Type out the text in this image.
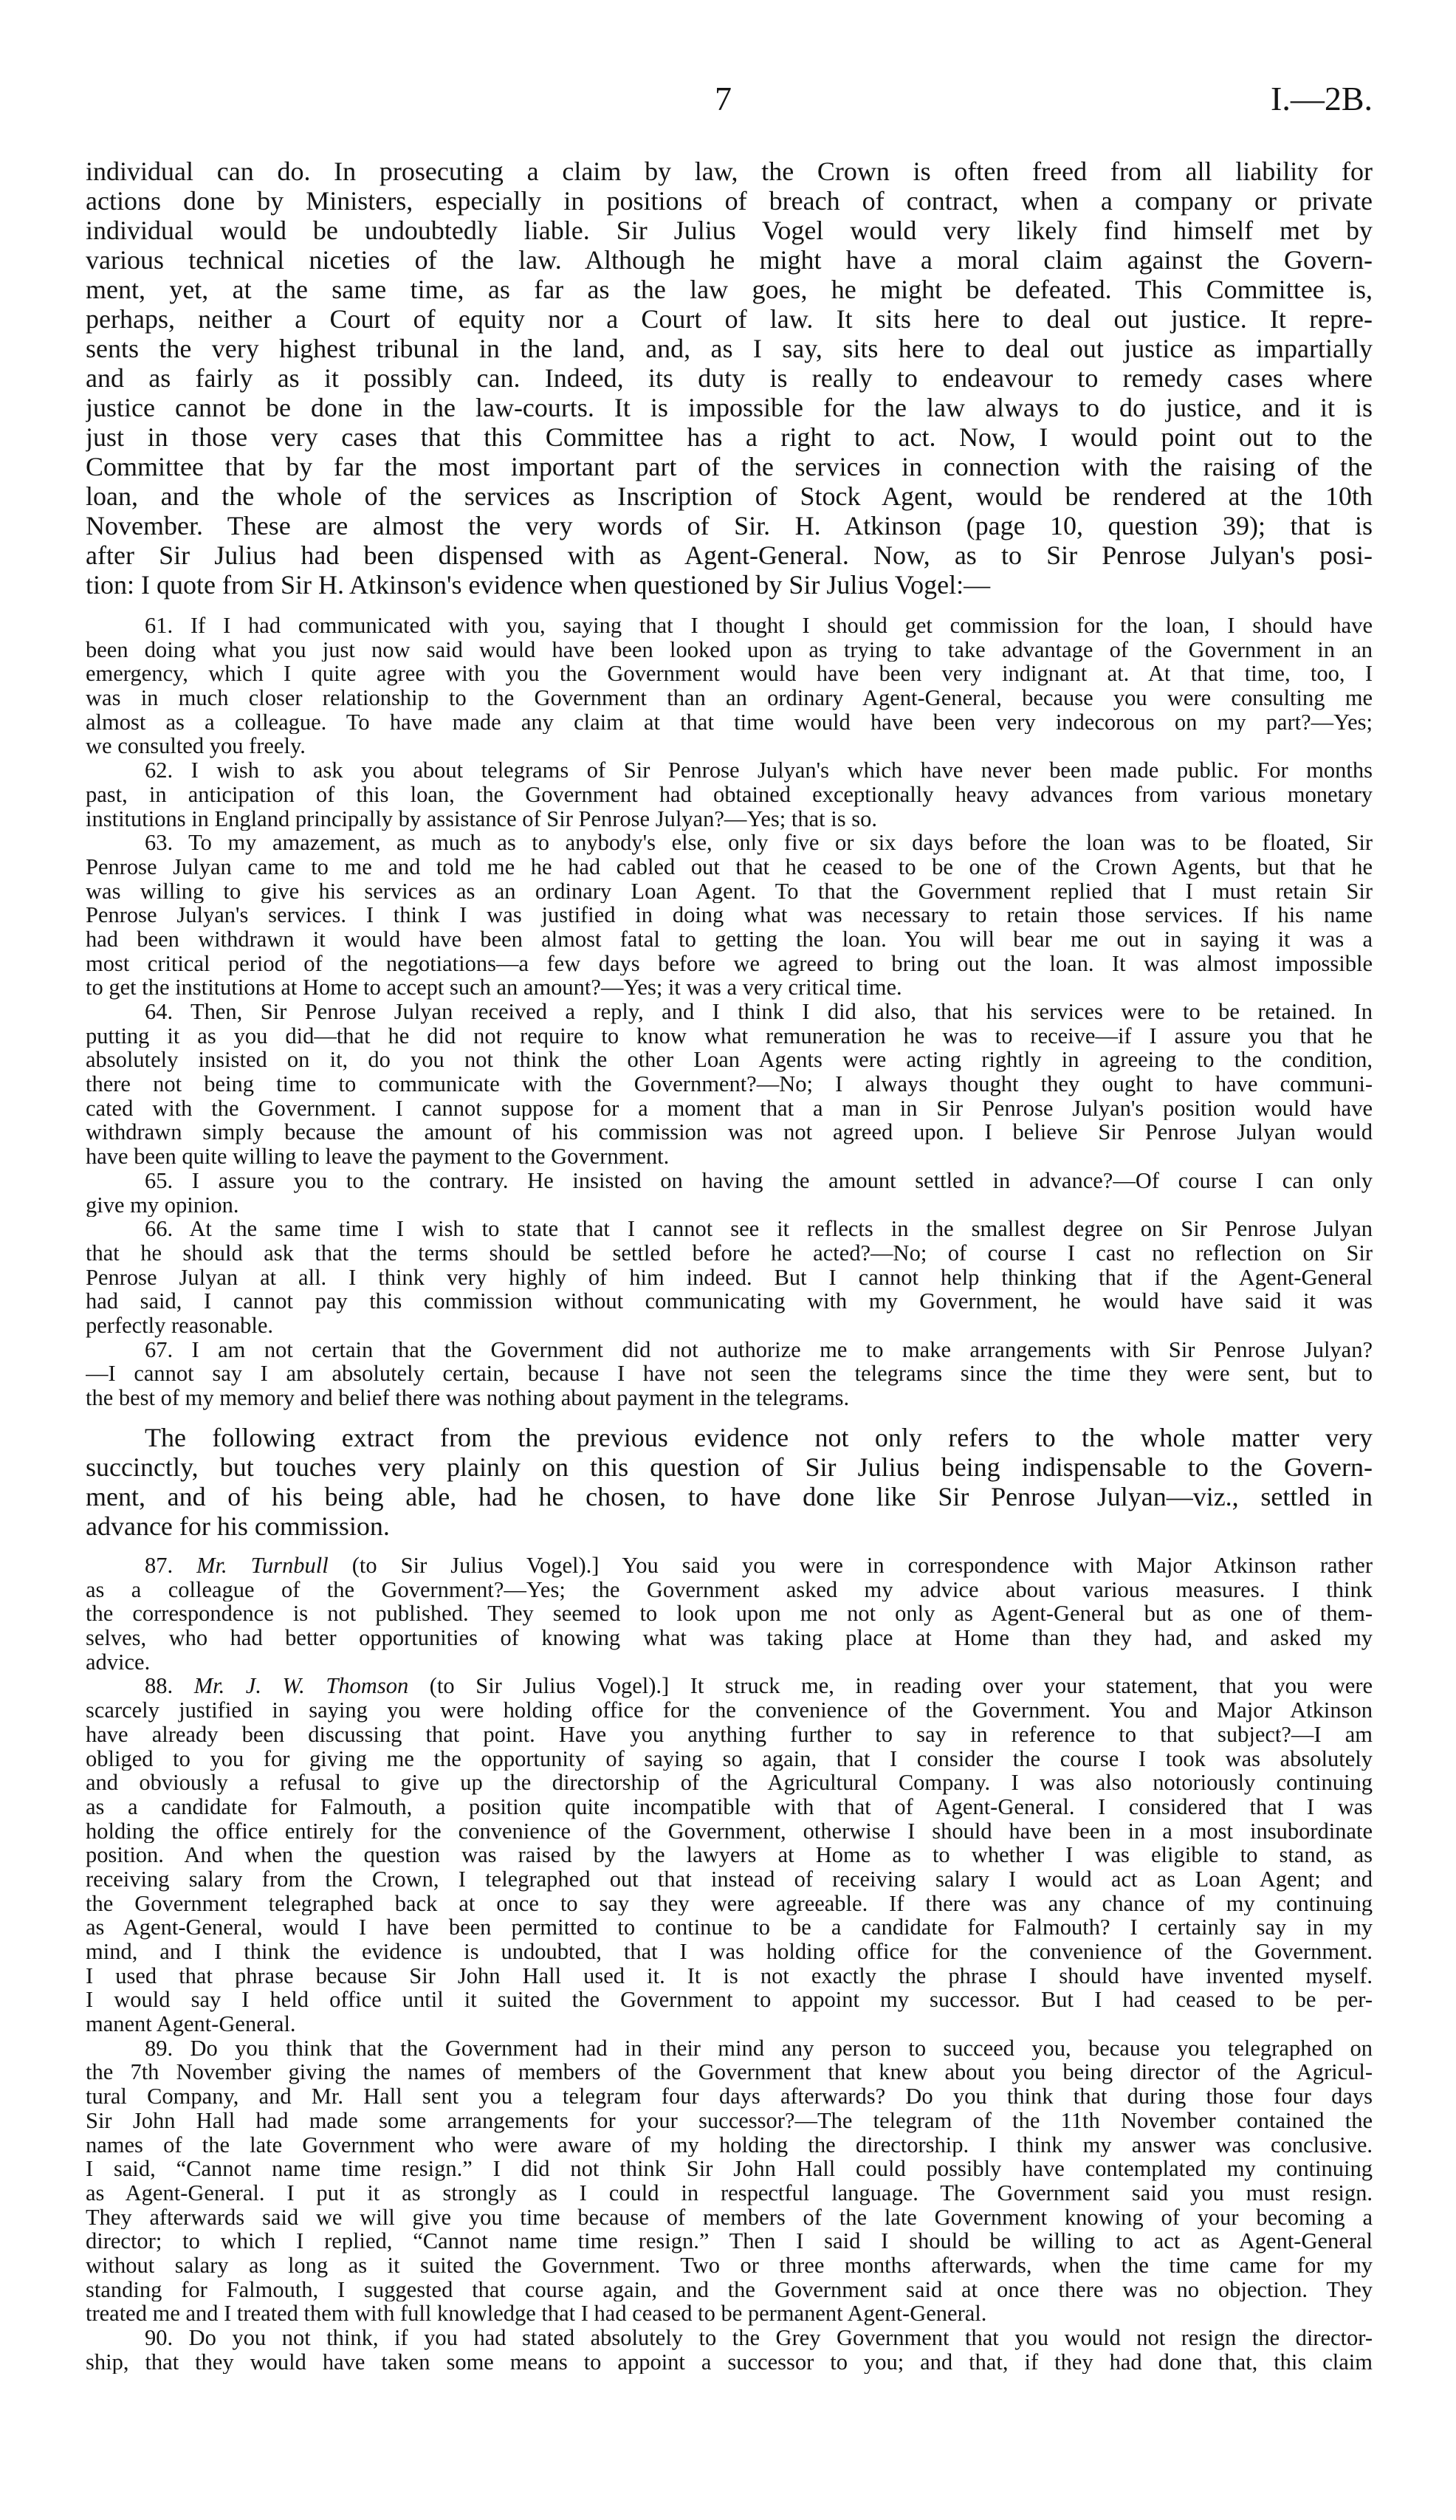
7	I.—2B.
individual can do. In prosecuting a claim by law, the Crown is often freed from all liability for
actions done by Ministers, especially in positions of breach of contract, when a company or private
individual would be undoubtedly liable. Sir Julius Vogel would very likely find himself met by
various technical niceties of the law. Although he might have a moral claim against the Govern-
ment, yet, at the same time, as far as the law goes, he might be defeated. This Committee is,
perhaps, neither a Court of equity nor a Court of law. It sits here to deal out justice. It repre-
sents the very highest tribunal in the land, and, as I say, sits here to deal out justice as impartially
and as fairly as it possibly can. Indeed, its duty is really to endeavour to remedy cases where
justice cannot be done in the law-courts. It is impossible for the law always to do justice, and it is
just in those very cases that this Committee has a right to act. Now, I would point out to the
Committee that by far the most important part of the services in connection with the raising of the
loan, and the whole of the services as Inscription of Stock Agent, would be rendered at the 10th
November. These are almost the very words of Sir. H. Atkinson (page 10, question 39); that is
after Sir Julius had been dispensed with as Agent-General. Now, as to Sir Penrose Julyan's posi-
tion: I quote from Sir H. Atkinson's evidence when questioned by Sir Julius Vogel:—
61. If I had communicated with you, saying that I thought I should get commission for the loan, I should have
been doing what you just now said would have been looked upon as trying to take advantage of the Government in an
emergency, which I quite agree with you the Government would have been very indignant at. At that time, too, I
was in much closer relationship to the Government than an ordinary Agent-General, because you were consulting me
almost as a colleague. To have made any claim at that time would have been very indecorous on my part?—Yes;
we consulted you freely.
62. I wish to ask you about telegrams of Sir Penrose Julyan's which have never been made public. For months
past, in anticipation of this loan, the Government had obtained exceptionally heavy advances from various monetary
institutions in England principally by assistance of Sir Penrose Julyan?—Yes; that is so.
63. To my amazement, as much as to anybody's else, only five or six days before the loan was to be floated, Sir
Penrose Julyan came to me and told me he had cabled out that he ceased to be one of the Crown Agents, but that he
was willing to give his services as an ordinary Loan Agent. To that the Government replied that I must retain Sir
Penrose Julyan's services. I think I was justified in doing what was necessary to retain those services. If his name
had been withdrawn it would have been almost fatal to getting the loan. You will bear me out in saying it was a
most critical period of the negotiations—a few days before we agreed to bring out the loan. It was almost impossible
to get the institutions at Home to accept such an amount?—Yes; it was a very critical time.
64. Then, Sir Penrose Julyan received a reply, and I think I did also, that his services were to be retained. In
putting it as you did—that he did not require to know what remuneration he was to receive—if I assure you that he
absolutely insisted on it, do you not think the other Loan Agents were acting rightly in agreeing to the condition,
there not being time to communicate with the Government?—No; I always thought they ought to have communi-
cated with the Government. I cannot suppose for a moment that a man in Sir Penrose Julyan's position would have
withdrawn simply because the amount of his commission was not agreed upon. I believe Sir Penrose Julyan would
have been quite willing to leave the payment to the Government.
65. I assure you to the contrary. He insisted on having the amount settled in advance?—Of course I can only
give my opinion.
66. At the same time I wish to state that I cannot see it reflects in the smallest degree on Sir Penrose Julyan
that he should ask that the terms should be settled before he acted?—No; of course I cast no reflection on Sir
Penrose Julyan at all. I think very highly of him indeed. But I cannot help thinking that if the Agent-General
had said, I cannot pay this commission without communicating with my Government, he would have said it was
perfectly reasonable.
67. I am not certain that the Government did not authorize me to make arrangements with Sir Penrose Julyan?
—I cannot say I am absolutely certain, because I have not seen the telegrams since the time they were sent, but to
the best of my memory and belief there was nothing about payment in the telegrams.
The following extract from the previous evidence not only refers to the whole matter very
succinctly, but touches very plainly on this question of Sir Julius being indispensable to the Govern-
ment, and of his being able, had he chosen, to have done like Sir Penrose Julyan—viz., settled in
advance for his commission.
87. Mr. Turnbull (to Sir Julius Vogel).] You said you were in correspondence with Major Atkinson rather
as a colleague of the Government?—Yes; the Government asked my advice about various measures. I think
the correspondence is not published. They seemed to look upon me not only as Agent-General but as one of them-
selves, who had better opportunities of knowing what was taking place at Home than they had, and asked my
advice.
88. Mr. J. W. Thomson (to Sir Julius Vogel).] It struck me, in reading over your statement, that you were
scarcely justified in saying you were holding office for the convenience of the Government. You and Major Atkinson
have already been discussing that point. Have you anything further to say in reference to that subject?—I am
obliged to you for giving me the opportunity of saying so again, that I consider the course I took was absolutely
and obviously a refusal to give up the directorship of the Agricultural Company. I was also notoriously continuing
as a candidate for Falmouth, a position quite incompatible with that of Agent-General. I considered that I was
holding the office entirely for the convenience of the Government, otherwise I should have been in a most insubordinate
position. And when the question was raised by the lawyers at Home as to whether I was eligible to stand, as
receiving salary from the Crown, I telegraphed out that instead of receiving salary I would act as Loan Agent; and
the Government telegraphed back at once to say they were agreeable. If there was any chance of my continuing
as Agent-General, would I have been permitted to continue to be a candidate for Falmouth? I certainly say in my
mind, and I think the evidence is undoubted, that I was holding office for the convenience of the Government.
I used that phrase because Sir John Hall used it. It is not exactly the phrase I should have invented myself.
I would say I held office until it suited the Government to appoint my successor. But I had ceased to be per-
manent Agent-General.
89. Do you think that the Government had in their mind any person to succeed you, because you telegraphed on
the 7th November giving the names of members of the Government that knew about you being director of the Agricul-
tural Company, and Mr. Hall sent you a telegram four days afterwards? Do you think that during those four days
Sir John Hall had made some arrangements for your successor?—The telegram of the 11th November contained the
names of the late Government who were aware of my holding the directorship. I think my answer was conclusive.
I said, “Cannot name time resign.” I did not think Sir John Hall could possibly have contemplated my continuing
as Agent-General. I put it as strongly as I could in respectful language. The Government said you must resign.
They afterwards said we will give you time because of members of the late Government knowing of your becoming a
director; to which I replied, “Cannot name time resign.” Then I said I should be willing to act as Agent-General
without salary as long as it suited the Government. Two or three months afterwards, when the time came for my
standing for Falmouth, I suggested that course again, and the Government said at once there was no objection. They
treated me and I treated them with full knowledge that I had ceased to be permanent Agent-General.
90. Do you not think, if you had stated absolutely to the Grey Government that you would not resign the director-
ship, that they would have taken some means to appoint a successor to you; and that, if they had done that, this claim
